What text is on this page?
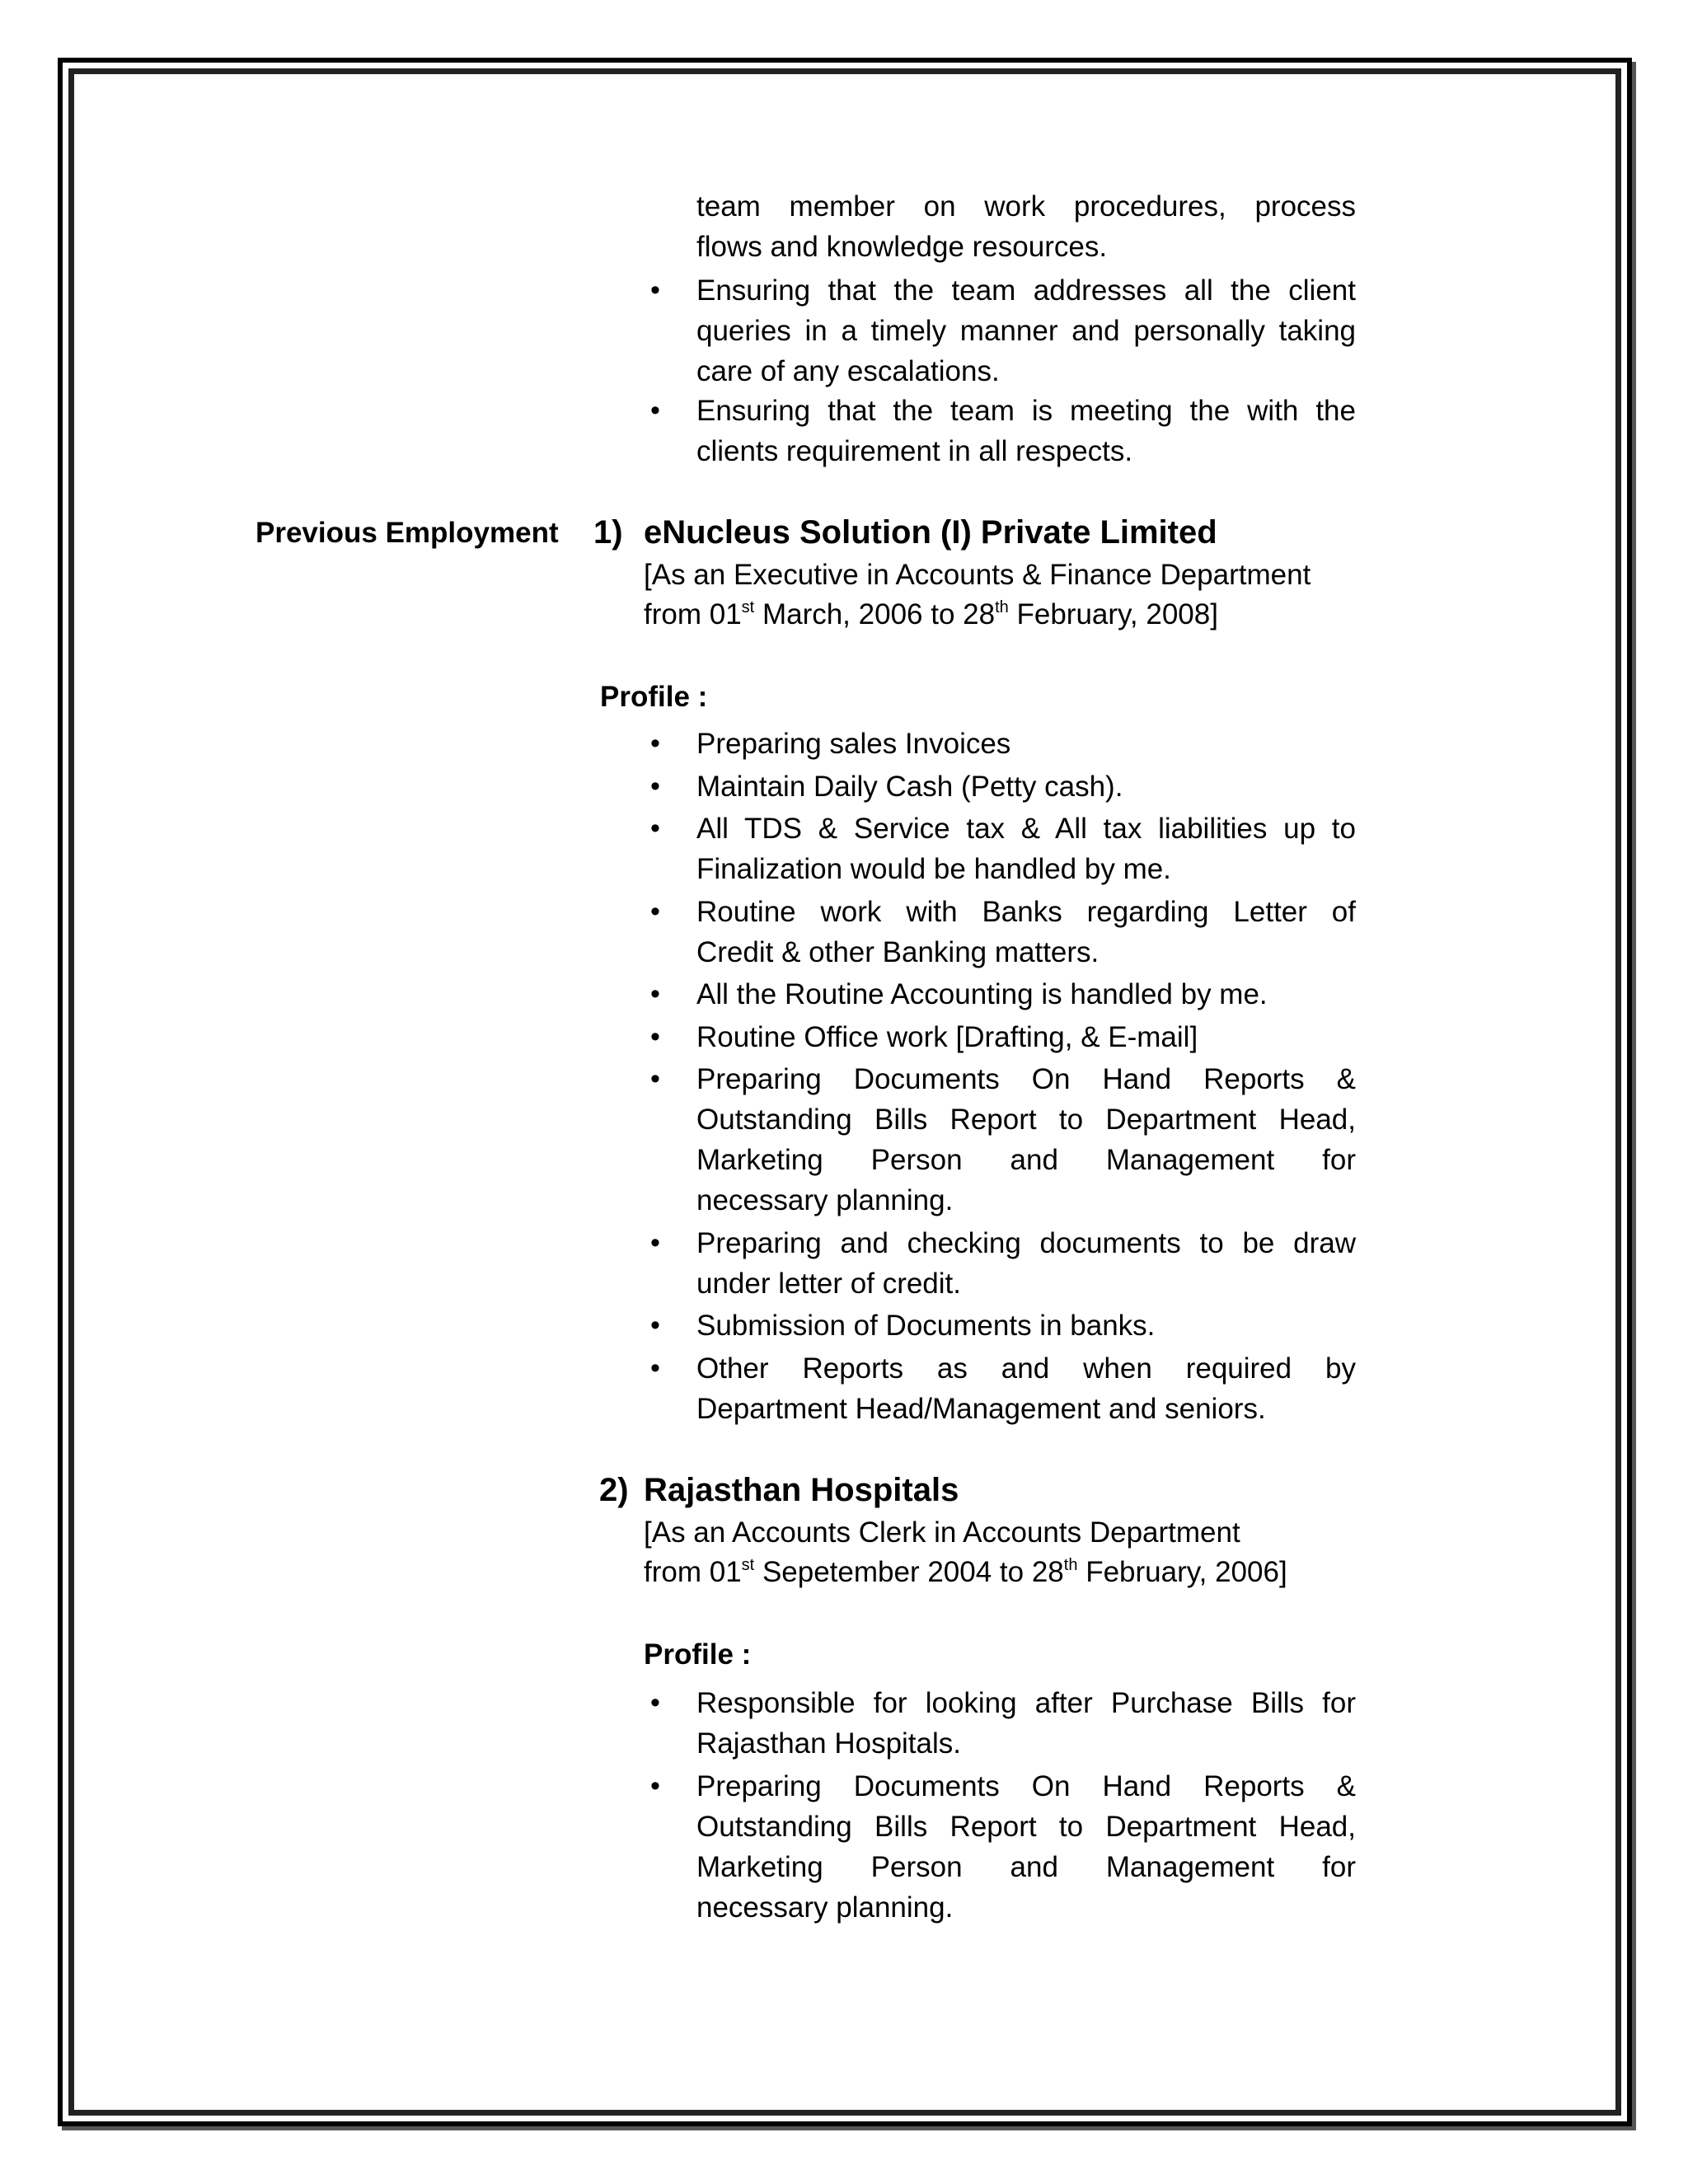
team member on work procedures, process
flows and knowledge resources.
• Ensuring that the team addresses all the client
queries in a timely manner and personally taking
care of any escalations.
• Ensuring that the team is meeting the with the
clients requirement in all respects.
Previous Employment 1) eNucleus Solution (I) Private Limited
[As an Executive in Accounts & Finance Department
from 01st March, 2006 to 28th February, 2008]
Profile :
• Preparing sales Invoices
• Maintain Daily Cash (Petty cash).
• All TDS & Service tax & All tax liabilities up to
Finalization would be handled by me.
• Routine work with Banks regarding Letter of
Credit & other Banking matters.
• All the Routine Accounting is handled by me.
• Routine Office work [Drafting, & E-mail]
• Preparing Documents On Hand Reports &
Outstanding Bills Report to Department Head,
Marketing Person and Management for
necessary planning.
• Preparing and checking documents to be draw
under letter of credit.
• Submission of Documents in banks.
• Other Reports as and when required by
Department Head/Management and seniors.
2) Rajasthan Hospitals
[As an Accounts Clerk in Accounts Department
from 01st Sepetember 2004 to 28th February, 2006]
Profile :
• Responsible for looking after Purchase Bills for
Rajasthan Hospitals.
• Preparing Documents On Hand Reports &
Outstanding Bills Report to Department Head,
Marketing Person and Management for
necessary planning.
